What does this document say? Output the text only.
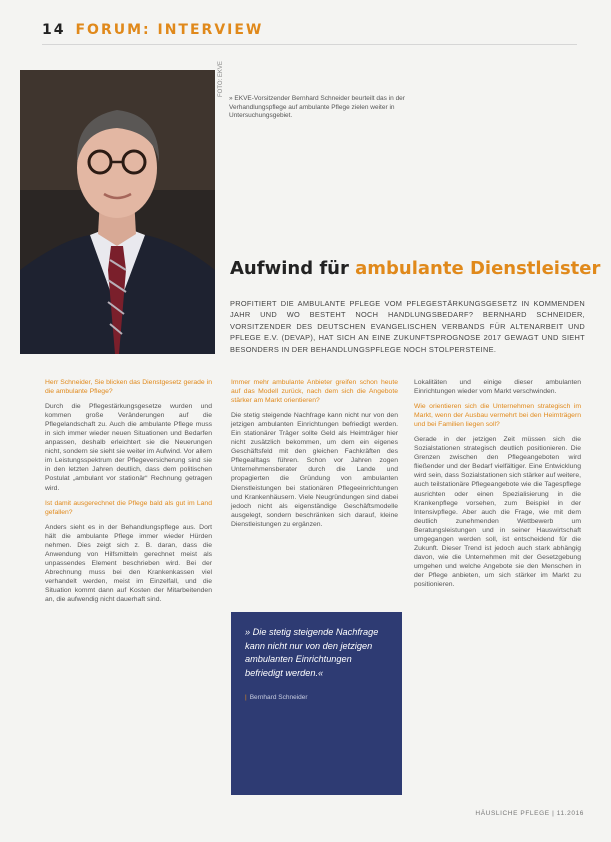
14 FORUM: INTERVIEW
FOTO: EKVE
» EKVE-Vorsitzender Bernhard Schneider beurteilt das in der Verhandlungspflege auf ambulante Pflege zielen weiter in Untersuchungsgebiet.
Aufwind für ambulante Dienstleister
PROFITIERT DIE AMBULANTE PFLEGE VOM PFLEGESTÄRKUNGSGESETZ IN KOMMENDEN JAHR UND WO BESTEHT NOCH HANDLUNGSBEDARF? BERNHARD SCHNEIDER, VORSITZENDER DES DEUTSCHEN EVANGELISCHEN VERBANDS FÜR ALTENARBEIT UND PFLEGE E.V. (DEVAP), HAT SICH AN EINE ZUKUNFTSPROGNOSE 2017 GEWAGT UND SIEHT BESONDERS IN DER BEHANDLUNGSPFLEGE NOCH STOLPERSTEINE.

Herr Schneider, Sie blicken das Dienstgesetz gerade in die ambulante Pflege?

Durch die Pflegestärkungsgesetze wurden und kommen große Veränderungen auf die Pflegelandschaft zu. Auch die ambulante Pflege muss in sich immer wieder neuen Situationen und Bedarfen anpassen, deshalb erleichtert sie die Neuerungen nicht, sondern sie sieht sie weiter im Aufwind. Vor allem im Leistungsspektrum der Pflegeversicherung sind sie in den letzten Jahren deutlich, dass dem politischen Postulat „ambulant vor stationär“ Rechnung getragen wird.

Ist damit ausgerechnet die Pflege bald als gut im Land gefallen?

Anders sieht es in der Behandlungspflege aus. Dort hält die ambulante Pflege immer wieder Hürden nehmen. Dies zeigt sich z. B. daran, dass die Anwendung von Hilfsmitteln gerechnet meist als unpassendes Element beschrieben wird. Bei der Abrechnung muss bei den Krankenkassen viel verhandelt werden, meist im Einzelfall, und die Situation kommt dann auf Kosten der Mitarbeitenden an, die aufwendig nicht dauerhaft sind.

Immer mehr ambulante Anbieter greifen schon heute auf das Modell zurück, nach dem sich die Angebote stärker am Markt orientieren?

Die stetig steigende Nachfrage kann nicht nur von den jetzigen ambulanten Einrichtungen befriedigt werden. Ein stationärer Träger sollte Geld als Heimträger hier nicht zusätzlich bekommen, um dem ein eigenes Geschäftsfeld mit den gleichen Fachkräften des Pflegealltags führen. Schon vor Jahren zogen Unternehmensberater durch die Lande und propagierten die Gründung von ambulanten Dienstleistungen bei stationären Pflegeeinrichtungen und Krankenhäusern. Viele Neugründungen sind dabei jedoch nicht als eigenständige Geschäftsmodelle ausgelegt, sondern beschränken sich darauf, kleine Dienstleistungen zu ergänzen.

Lokalitäten und einige dieser ambulanten Einrichtungen wieder vom Markt verschwinden.

Wie orientieren sich die Unternehmen strategisch im Markt, wenn der Ausbau vermehrt bei den Heimträgern und bei Familien liegen soll?

Gerade in der jetzigen Zeit müssen sich die Sozialstationen strategisch deutlich positionieren. Die Grenzen zwischen den Pflegeangeboten wird fließender und der Bedarf vielfältiger. Eine Entwicklung wird sein, dass Sozialstationen sich stärker auf weitere, auch teilstationäre Pflegeangebote wie die Tagespflege ausrichten oder einen Spezialisierung in die Krankenpflege vorsehen, zum Beispiel in der Intensivpflege. Aber auch die Frage, wie mit dem deutlich zunehmenden Wettbewerb um Beratungsleistungen und in seiner Hauswirtschaft umgegangen werden soll, ist entscheidend für die Zukunft. Dieser Trend ist jedoch auch stark abhängig davon, wie die Unternehmen mit der Gesetzgebung umgehen und welche Angebote sie den Menschen in der Pflege anbieten, um sich stärker im Markt zu positionieren.

» Die stetig steigende Nachfrage kann nicht nur von den jetzigen ambulanten Einrichtungen befriedigt werden.«
| Bernhard Schneider
HÄUSLICHE PFLEGE | 11.2016
